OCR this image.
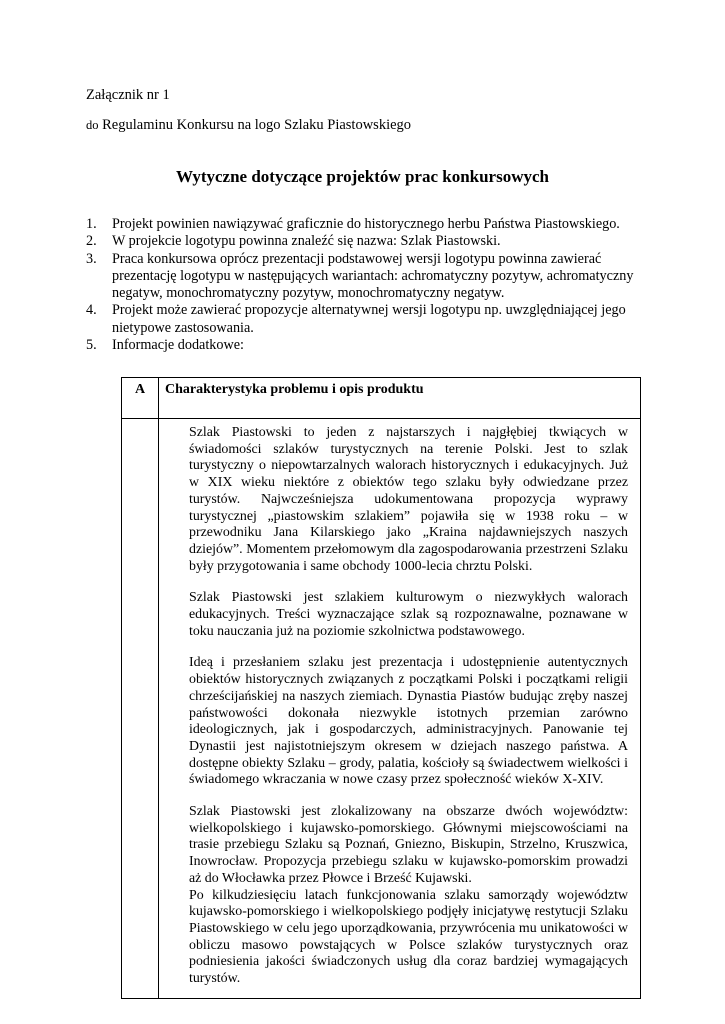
Załącznik nr 1
do Regulaminu Konkursu na logo Szlaku Piastowskiego
Wytyczne dotyczące projektów prac konkursowych
1. Projekt powinien nawiązywać graficznie do historycznego herbu Państwa Piastowskiego.
2. W projekcie logotypu powinna znaleźć się nazwa: Szlak Piastowski.
3. Praca konkursowa oprócz prezentacji podstawowej wersji logotypu powinna zawierać prezentację logotypu w następujących wariantach: achromatyczny pozytyw, achromatyczny negatyw, monochromatyczny pozytyw, monochromatyczny negatyw.
4. Projekt może zawierać propozycje alternatywnej wersji logotypu np. uwzględniającej jego nietypowe zastosowania.
5. Informacje dodatkowe:
A	Charakterystyka problemu i opis produktu

	Szlak Piastowski to jeden z najstarszych i najgłębiej tkwiących w świadomości szlaków turystycznych na terenie Polski. Jest to szlak turystyczny o niepowtarzalnych walorach historycznych i edukacyjnych. Już w XIX wieku niektóre z obiektów tego szlaku były odwiedzane przez turystów. Najwcześniejsza udokumentowana propozycja wyprawy turystycznej „piastowskim szlakiem” pojawiła się w 1938 roku – w przewodniku Jana Kilarskiego jako „Kraina najdawniejszych naszych dziejów”. Momentem przełomowym dla zagospodarowania przestrzeni Szlaku były przygotowania i same obchody 1000-lecia chrztu Polski.

Szlak Piastowski jest szlakiem kulturowym o niezwykłych walorach edukacyjnych. Treści wyznaczające szlak są rozpoznawalne, poznawane w toku nauczania już na poziomie szkolnictwa podstawowego.

Ideą i przesłaniem szlaku jest prezentacja i udostępnienie autentycznych obiektów historycznych związanych z początkami Polski i początkami religii chrześcijańskiej na naszych ziemiach. Dynastia Piastów budując zręby naszej państwowości dokonała niezwykle istotnych przemian zarówno ideologicznych, jak i gospodarczych, administracyjnych. Panowanie tej Dynastii jest najistotniejszym okresem w dziejach naszego państwa. A dostępne obiekty Szlaku – grody, palatia, kościoły są świadectwem wielkości i świadomego wkraczania w nowe czasy przez społeczność wieków X-XIV.

Szlak Piastowski jest zlokalizowany na obszarze dwóch województw: wielkopolskiego i kujawsko-pomorskiego. Głównymi miejscowościami na trasie przebiegu Szlaku są Poznań, Gniezno, Biskupin, Strzelno, Kruszwica, Inowrocław. Propozycja przebiegu szlaku w kujawsko-pomorskim prowadzi aż do Włocławka przez Płowce i Brześć Kujawski.

Po kilkudziesięciu latach funkcjonowania szlaku samorządy województw kujawsko-pomorskiego i wielkopolskiego podjęły inicjatywę restytucji Szlaku Piastowskiego w celu jego uporządkowania, przywrócenia mu unikatowości w obliczu masowo powstających w Polsce szlaków turystycznych oraz podniesienia jakości świadczonych usług dla coraz bardziej wymagających turystów.
